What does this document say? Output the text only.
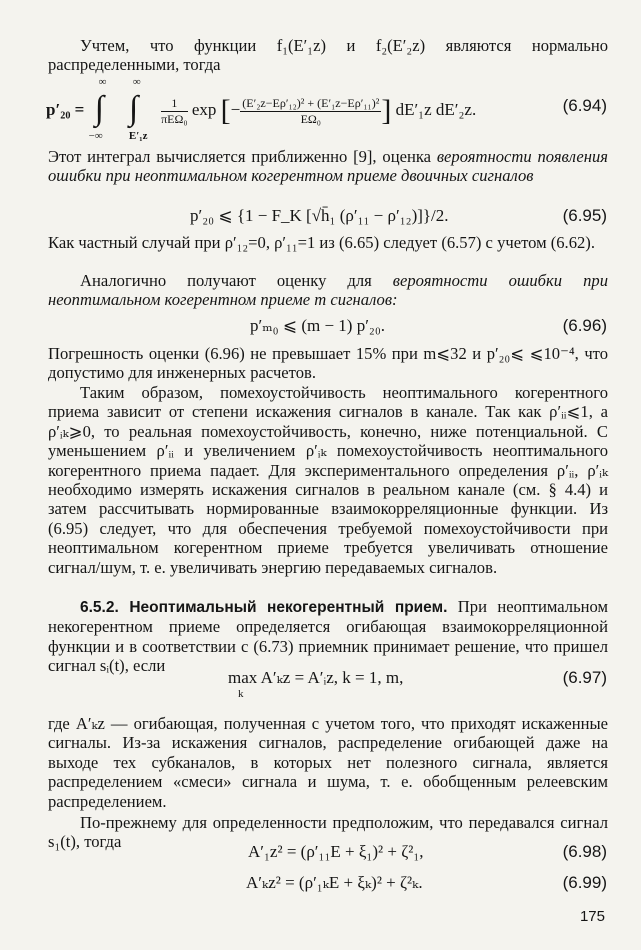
Учтем, что функции f₁(E′₁z) и f₂(E′₂z) являются нормально распределенными, тогда
p′₂₀ =
∞
∫
−∞

∞
∫
E′₁z

$\frac{1}{\text{πEΩ₀}}$ exp [− $\frac{\text{(E′₂z−Eρ′₁₂)² + (E′₁z−Eρ′₁₁)²}}{\text{EΩ₀}}$ ] dE′₁z dE′₂z.	(6.94)
Этот интеграл вычисляется приближенно [9], оценка вероятности появления ошибки при неоптимальном когерентном приеме двоичных сигналов
p′₂₀ ⩽ {1 − F_K [√h̄₁ (ρ′₁₁ − ρ′₁₂)]}/2.	(6.95)
Как частный случай при ρ′₁₂=0, ρ′₁₁=1 из (6.65) следует (6.57) с учетом (6.62).
Аналогично получают оценку для вероятности ошибки при неоптимальном когерентном приеме m сигналов:
p′ₘ₀ ⩽ (m − 1) p′₂₀.	(6.96)
Погрешность оценки (6.96) не превышает 15% при m⩽32 и p′₂₀⩽ ⩽10⁻⁴, что допустимо для инженерных расчетов.
Таким образом, помехоустойчивость неоптимального когерентного приема зависит от степени искажения сигналов в канале. Так как ρ′ᵢᵢ⩽1, а ρ′ᵢₖ⩾0, то реальная помехоустойчивость, конечно, ниже потенциальной. С уменьшением ρ′ᵢᵢ и увеличением ρ′ᵢₖ помехоустойчивость неоптимального когерентного приема падает. Для экспериментального определения ρ′ᵢᵢ, ρ′ᵢₖ необходимо измерять искажения сигналов в реальном канале (см. § 4.4) и затем рассчитывать нормированные взаимокорреляционные функции. Из (6.95) следует, что для обеспечения требуемой помехоустойчивости при неоптимальном когерентном приеме требуется увеличивать отношение сигнал/шум, т. е. увеличивать энергию передаваемых сигналов.
6.5.2. Неоптимальный некогерентный прием. При неоптимальном некогерентном приеме определяется огибающая взаимокорреляционной функции и в соответствии с (6.73) приемник принимает решение, что пришел сигнал sᵢ(t), если
max A′ₖz = A′ᵢz, k = 1, m,
k
(6.97)
где A′ₖz — огибающая, полученная с учетом того, что приходят искаженные сигналы. Из-за искажения сигналов, распределение огибающей даже на выходе тех субканалов, в которых нет полезного сигнала, является распределением «смеси» сигнала и шума, т. е. обобщенным релеевским распределением.
По-прежнему для определенности предположим, что передавался сигнал s₁(t), тогда
A′₁z² = (ρ′₁₁E + ξ₁)² + ζ²₁,	(6.98)
A′ₖz² = (ρ′₁ₖE + ξₖ)² + ζ²ₖ.	(6.99)
175
